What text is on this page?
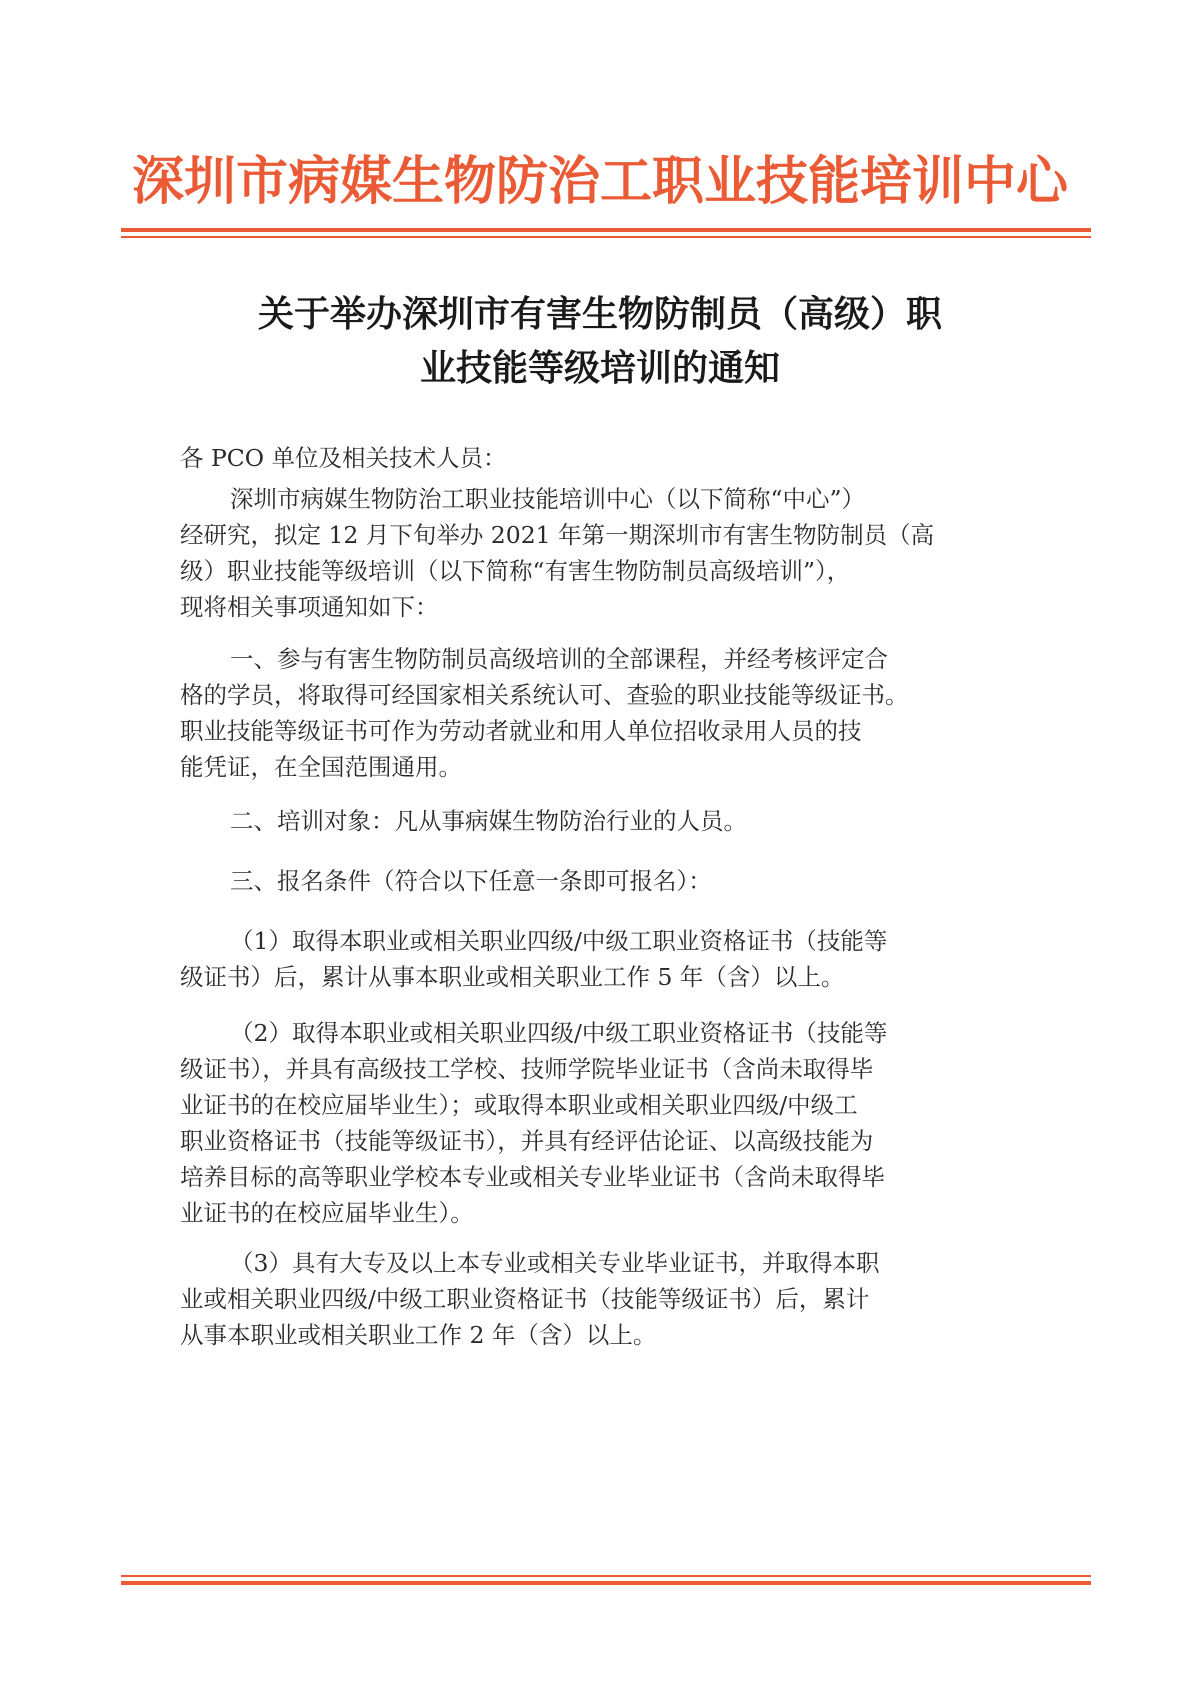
深圳市病媒生物防治工职业技能培训中心
关于举办深圳市有害生物防制员（高级）职
业技能等级培训的通知
各 PCO 单位及相关技术人员：
深圳市病媒生物防治工职业技能培训中心（以下简称“中心”）
经研究，拟定 12 月下旬举办 2021 年第一期深圳市有害生物防制员（高
级）职业技能等级培训（以下简称“有害生物防制员高级培训”），
现将相关事项通知如下：
一、参与有害生物防制员高级培训的全部课程，并经考核评定合
格的学员，将取得可经国家相关系统认可、查验的职业技能等级证书。
职业技能等级证书可作为劳动者就业和用人单位招收录用人员的技
能凭证，在全国范围通用。
二、培训对象：凡从事病媒生物防治行业的人员。
三、报名条件（符合以下任意一条即可报名）：
（1）取得本职业或相关职业四级/中级工职业资格证书（技能等
级证书）后，累计从事本职业或相关职业工作 5 年（含）以上。
（2）取得本职业或相关职业四级/中级工职业资格证书（技能等
级证书），并具有高级技工学校、技师学院毕业证书（含尚未取得毕
业证书的在校应届毕业生）；或取得本职业或相关职业四级/中级工
职业资格证书（技能等级证书），并具有经评估论证、以高级技能为
培养目标的高等职业学校本专业或相关专业毕业证书（含尚未取得毕
业证书的在校应届毕业生）。
（3）具有大专及以上本专业或相关专业毕业证书，并取得本职
业或相关职业四级/中级工职业资格证书（技能等级证书）后，累计
从事本职业或相关职业工作 2 年（含）以上。
